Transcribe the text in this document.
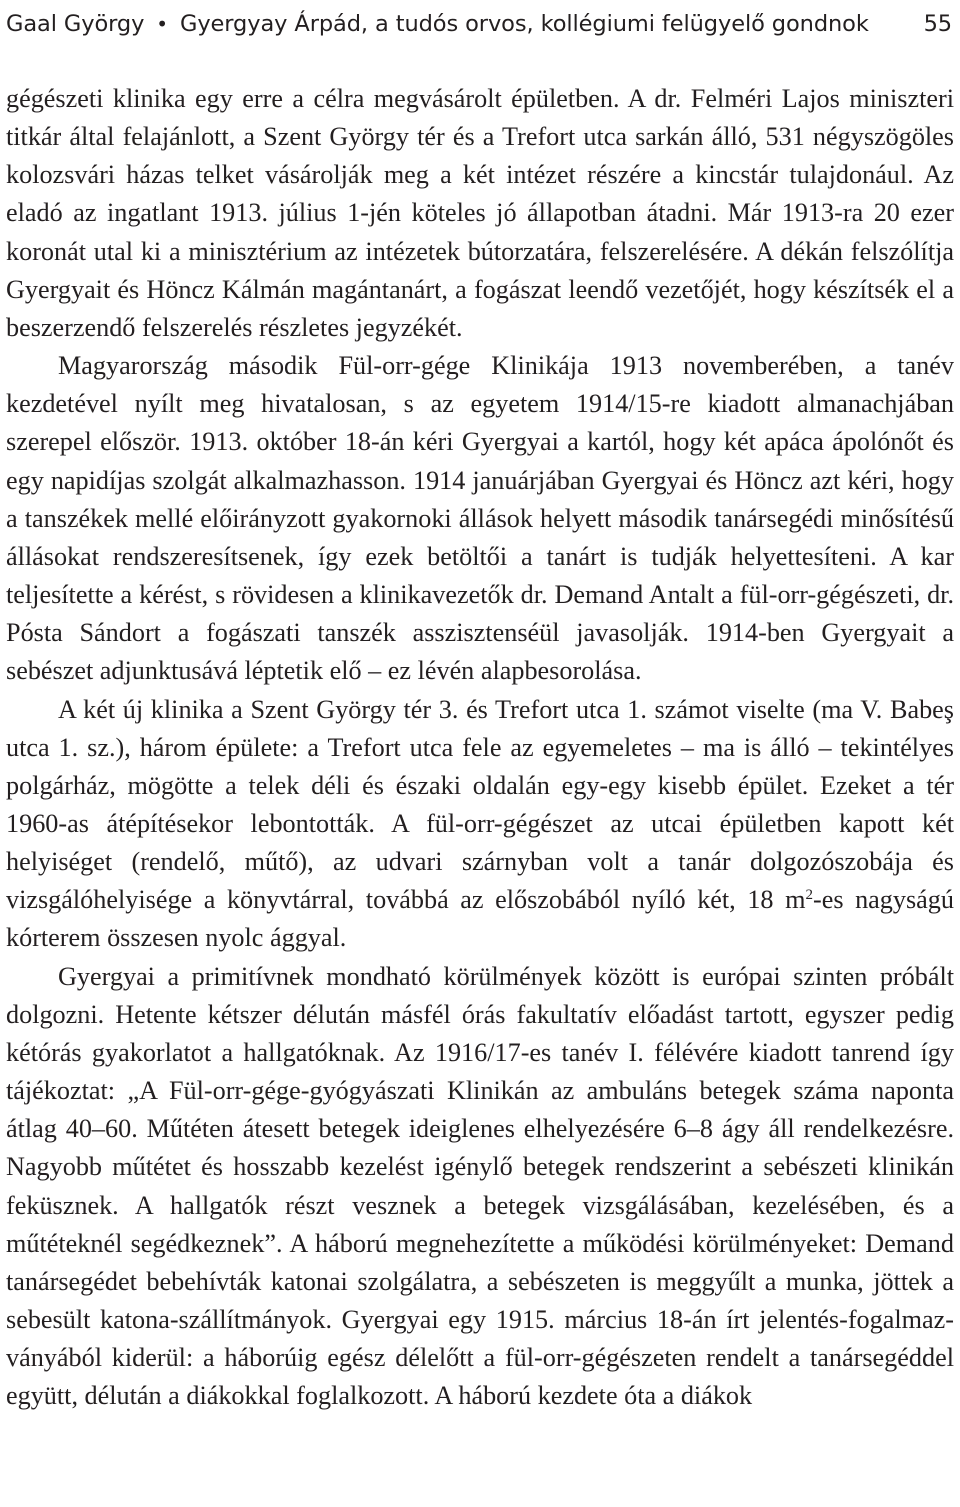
Gaal György • Gyergyay Árpád, a tudós orvos, kollégiumi felügyelő gondnok	55

gégészeti klinika egy erre a célra megvásárolt épületben. A dr. Felméri Lajos miniszteri titkár által felajánlott, a Szent György tér és a Trefort utca sarkán álló, 531 négyszögöles kolozsvári házas telket vásárolják meg a két intézet részére a kincstár tulajdonául. Az eladó az ingatlant 1913. július 1-jén köteles jó állapotban átadni. Már 1913-ra 20 ezer koronát utal ki a minisztérium az intézetek bútorzatára, felszerelésére. A dékán felszólítja Gyergyait és Höncz Kálmán magántanárt, a fogászat leendő vezetőjét, hogy készítsék el a beszerzendő felszerelés részletes jegyzékét.

Magyarország második Fül-orr-gége Klinikája 1913 novemberében, a tanév kezdetével nyílt meg hivatalosan, s az egyetem 1914/15-re kiadott almanachjában szerepel először. 1913. október 18-án kéri Gyergyai a kartól, hogy két apáca ápolónőt és egy napidíjas szolgát alkalmazhasson. 1914 januárjában Gyergyai és Höncz azt kéri, hogy a tanszékek mellé előirányzott gyakornoki állások helyett második tanársegédi minősítésű állásokat rendszeresítsenek, így ezek betöltői a tanárt is tudják helyettesíteni. A kar teljesítette a kérést, s rövidesen a klinikavezetők dr. Demand Antalt a fül-orr-gégészeti, dr. Pósta Sándort a fogászati tanszék asszisztenséül javasolják. 1914-ben Gyergyait a sebészet adjunktusává léptetik elő – ez lévén alapbesorolása.

A két új klinika a Szent György tér 3. és Trefort utca 1. számot viselte (ma V. Babeş utca 1. sz.), három épülete: a Trefort utca fele az egyemeletes – ma is álló – tekintélyes polgárház, mögötte a telek déli és északi oldalán egy-egy kisebb épület. Ezeket a tér 1960-as átépítésekor lebontották. A fül-orr-gégészet az utcai épületben kapott két helyiséget (rendelő, műtő), az udvari szárnyban volt a tanár dolgozószobája és vizsgálóhelyisége a könyvtárral, továbbá az előszobából nyíló két, 18 $m^2-es$ nagyságú kórterem összesen nyolc ággyal.

Gyergyai a primitívnek mondható körülmények között is európai szinten próbált dolgozni. Hetente kétszer délután másfél órás fakultatív előadást tartott, egyszer pedig kétórás gyakorlatot a hallgatóknak. Az 1916/17-es tanév I. félévére kiadott tanrend így tájékoztat: „A Fül-orr-gége-gyógyászati Klinikán az ambuláns betegek száma naponta átlag 40–60. Műtéten átesett betegek ideiglenes elhelyezésére 6–8 ágy áll rendelkezésre. Nagyobb műtétet és hosszabb kezelést igénylő betegek rendszerint a sebészeti klinikán feküsznek. A hallgatók részt vesznek a betegek vizsgálásában, kezelésében, és a műtéteknél segédkeznek”. A háború megnehezítette a működési körülményeket: Demand tanársegédet bebehívták katonai szolgálatra, a sebészeten is meggyűlt a munka, jöttek a sebesült katona-szállítmányok. Gyergyai egy 1915. március 18-án írt jelentés-fogalmazványából kiderül: a háborúig egész délelőtt a fül-orr-gégészeten rendelt a tanársegéddel együtt, délután a diákokkal foglalkozott. A háború kezdete óta a diákok
